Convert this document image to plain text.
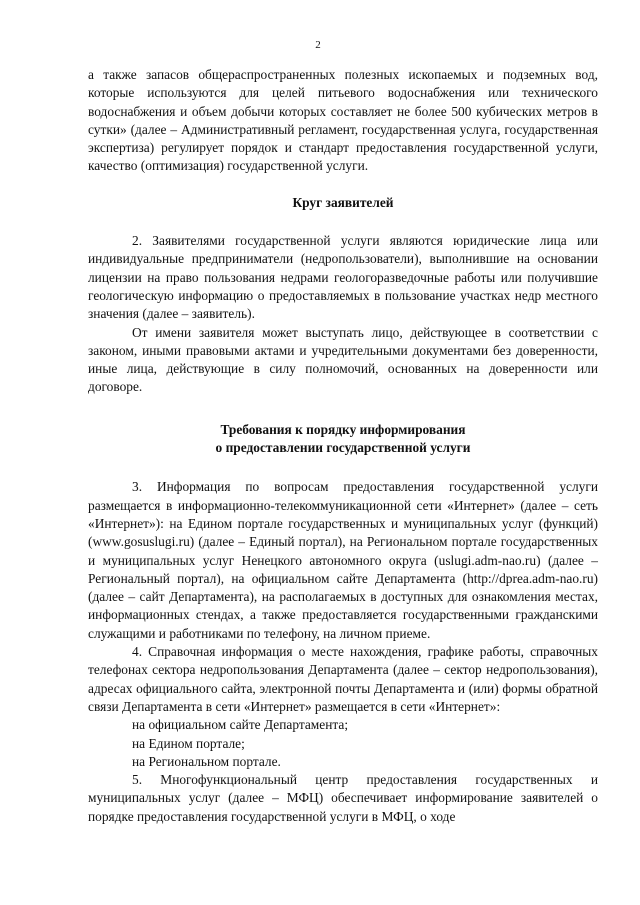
2

а также запасов общераспространенных полезных ископаемых и подземных вод, которые используются для целей питьевого водоснабжения или технического водоснабжения и объем добычи которых составляет не более 500 кубических метров в сутки» (далее – Административный регламент, государственная услуга, государственная экспертиза) регулирует порядок и стандарт предоставления государственной услуги, качество (оптимизация) государственной услуги.

Круг заявителей

2. Заявителями государственной услуги являются юридические лица или индивидуальные предприниматели (недропользователи), выполнившие на основании лицензии на право пользования недрами геологоразведочные работы или получившие геологическую информацию о предоставляемых в пользование участках недр местного значения (далее – заявитель).

От имени заявителя может выступать лицо, действующее в соответствии с законом, иными правовыми актами и учредительными документами без доверенности, иные лица, действующие в силу полномочий, основанных на доверенности или договоре.

Требования к порядку информирования
о предоставлении государственной услуги

3. Информация по вопросам предоставления государственной услуги размещается в информационно-телекоммуникационной сети «Интернет» (далее – сеть «Интернет»): на Едином портале государственных и муниципальных услуг (функций) (www.gosuslugi.ru) (далее – Единый портал), на Региональном портале государственных и муниципальных услуг Ненецкого автономного округа (uslugi.adm-nao.ru) (далее – Региональный портал), на официальном сайте Департамента (http://dprea.adm-nao.ru) (далее – сайт Департамента), на располагаемых в доступных для ознакомления местах, информационных стендах, а также предоставляется государственными гражданскими служащими и работниками по телефону, на личном приеме.

4. Справочная информация о месте нахождения, графике работы, справочных телефонах сектора недропользования Департамента (далее – сектор недропользования), адресах официального сайта, электронной почты Департамента и (или) формы обратной связи Департамента в сети «Интернет» размещается в сети «Интернет»:

на официальном сайте Департамента;

на Едином портале;

на Региональном портале.

5. Многофункциональный центр предоставления государственных и муниципальных услуг (далее – МФЦ) обеспечивает информирование заявителей о порядке предоставления государственной услуги в МФЦ, о ходе
